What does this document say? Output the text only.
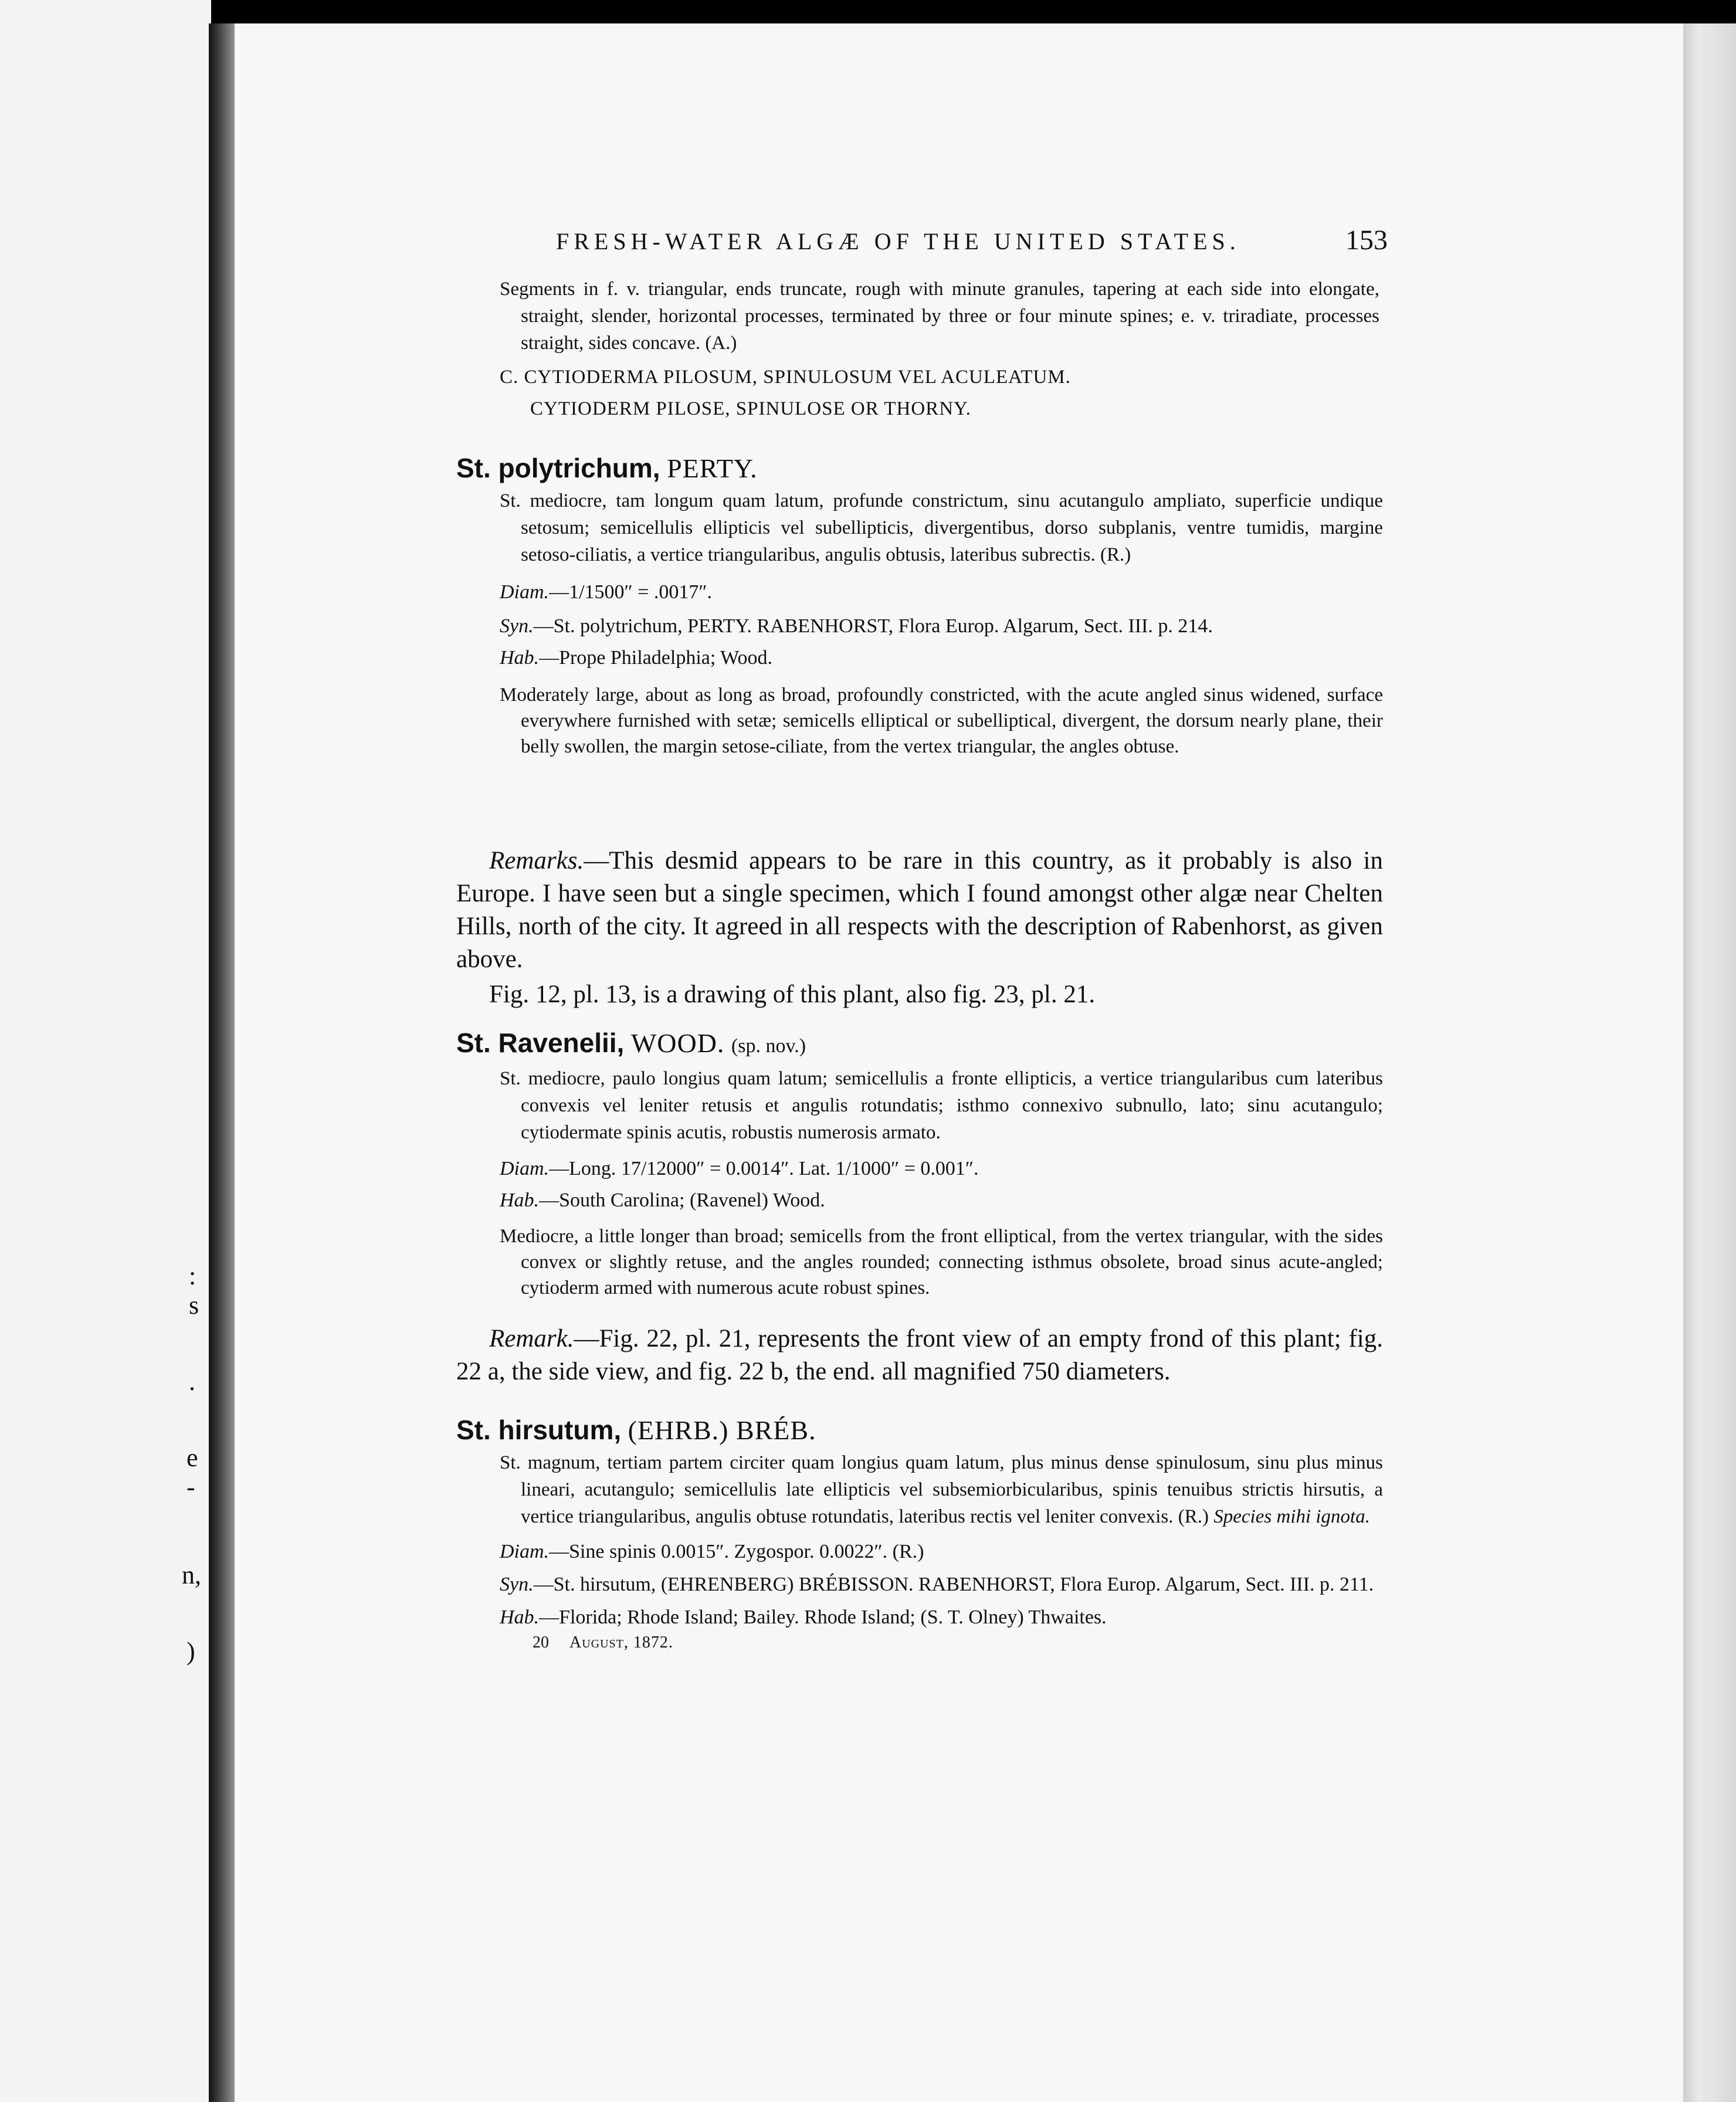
:
s
.
e
-
n,
)
FRESH-WATER ALGÆ OF THE UNITED STATES.	153

Segments in f. v. triangular, ends truncate, rough with minute granules, tapering at each side into elongate, straight, slender, horizontal processes, terminated by three or four minute spines; e. v. triradiate, processes straight, sides concave. (A.)

C. CYTIODERMA PILOSUM, SPINULOSUM VEL ACULEATUM.

CYTIODERM PILOSE, SPINULOSE OR THORNY.

St. polytrichum, PERTY.

St. mediocre, tam longum quam latum, profunde constrictum, sinu acutangulo ampliato, superficie undique setosum; semicellulis ellipticis vel subellipticis, divergentibus, dorso subplanis, ventre tumidis, margine setoso-ciliatis, a vertice triangularibus, angulis obtusis, lateribus subrectis. (R.)

Diam.—1/1500″ = .0017″.
Syn.—St. polytrichum, PERTY. RABENHORST, Flora Europ. Algarum, Sect. III. p. 214.
Hab.—Prope Philadelphia; Wood.

Moderately large, about as long as broad, profoundly constricted, with the acute angled sinus widened, surface everywhere furnished with setæ; semicells elliptical or subelliptical, divergent, the dorsum nearly plane, their belly swollen, the margin setose-ciliate, from the vertex triangular, the angles obtuse.

Remarks.—This desmid appears to be rare in this country, as it probably is also in Europe. I have seen but a single specimen, which I found amongst other algæ near Chelten Hills, north of the city. It agreed in all respects with the description of Rabenhorst, as given above.

Fig. 12, pl. 13, is a drawing of this plant, also fig. 23, pl. 21.

St. Ravenelii, WOOD. (sp. nov.)

St. mediocre, paulo longius quam latum; semicellulis a fronte ellipticis, a vertice triangularibus cum lateribus convexis vel leniter retusis et angulis rotundatis; isthmo connexivo subnullo, lato; sinu acutangulo; cytiodermate spinis acutis, robustis numerosis armato.

Diam.—Long. 17/12000″ = 0.0014″. Lat. 1/1000″ = 0.001″.
Hab.—South Carolina; (Ravenel) Wood.

Mediocre, a little longer than broad; semicells from the front elliptical, from the vertex triangular, with the sides convex or slightly retuse, and the angles rounded; connecting isthmus obsolete, broad sinus acute-angled; cytioderm armed with numerous acute robust spines.

Remark.—Fig. 22, pl. 21, represents the front view of an empty frond of this plant; fig. 22 a, the side view, and fig. 22 b, the end. all magnified 750 diameters.

St. hirsutum, (EHRB.) BRÉB.

St. magnum, tertiam partem circiter quam longius quam latum, plus minus dense spinulosum, sinu plus minus lineari, acutangulo; semicellulis late ellipticis vel subsemiorbicularibus, spinis tenuibus strictis hirsutis, a vertice triangularibus, angulis obtuse rotundatis, lateribus rectis vel leniter convexis. (R.) Species mihi ignota.

Diam.—Sine spinis 0.0015″. Zygospor. 0.0022″. (R.)

Syn.—St. hirsutum, (EHRENBERG) BRÉBISSON. RABENHORST, Flora Europ. Algarum, Sect. III. p. 211.

Hab.—Florida; Rhode Island; Bailey. Rhode Island; (S. T. Olney) Thwaites.
20 August, 1872.
